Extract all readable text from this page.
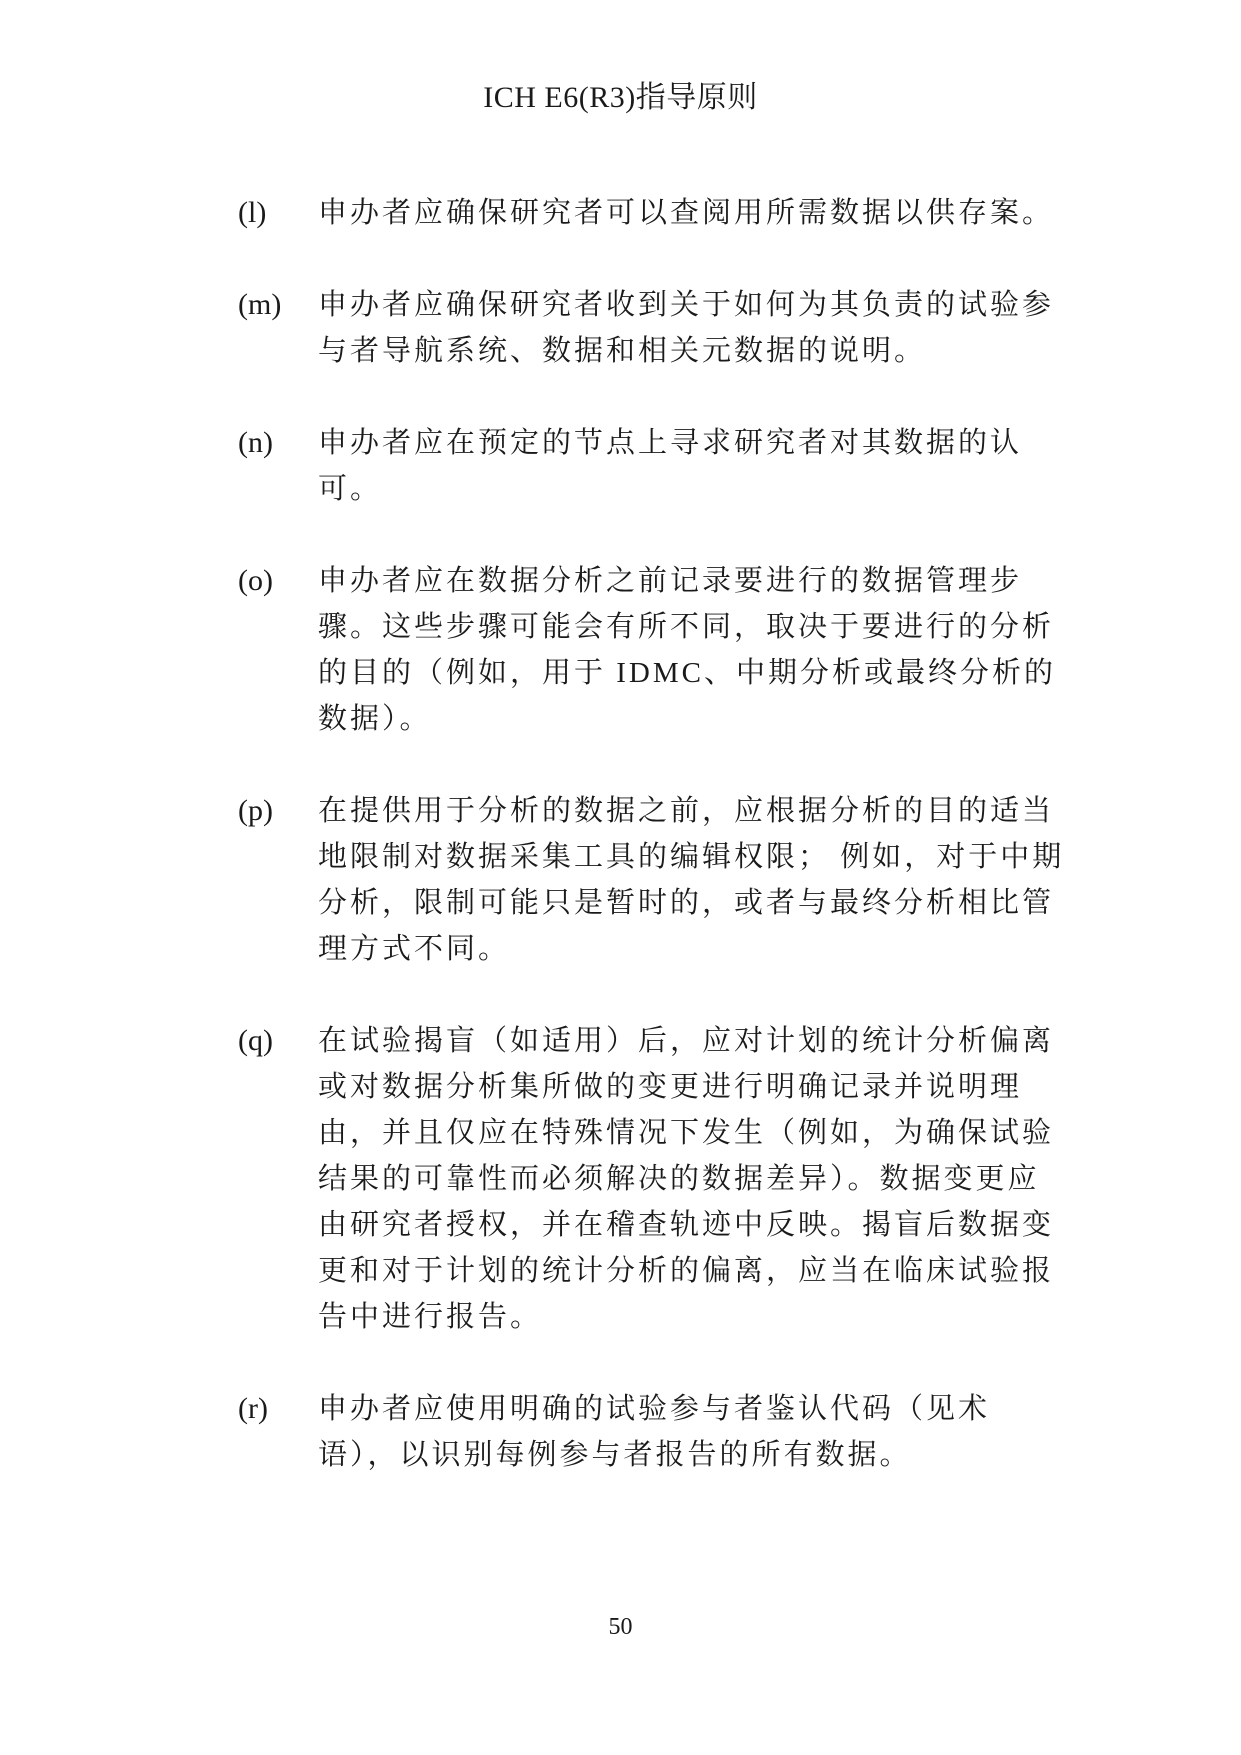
ICH E6(R3)指导原则
(l)	申办者应确保研究者可以查阅用所需数据以供存案。
(m)	申办者应确保研究者收到关于如何为其负责的试验参
与者导航系统、数据和相关元数据的说明。
(n)	申办者应在预定的节点上寻求研究者对其数据的认
可。
(o)	申办者应在数据分析之前记录要进行的数据管理步
骤。这些步骤可能会有所不同，取决于要进行的分析
的目的（例如，用于 IDMC、中期分析或最终分析的
数据）。
(p)	在提供用于分析的数据之前，应根据分析的目的适当
地限制对数据采集工具的编辑权限； 例如，对于中期
分析，限制可能只是暂时的，或者与最终分析相比管
理方式不同。
(q)	在试验揭盲（如适用）后，应对计划的统计分析偏离
或对数据分析集所做的变更进行明确记录并说明理
由，并且仅应在特殊情况下发生（例如，为确保试验
结果的可靠性而必须解决的数据差异）。数据变更应
由研究者授权，并在稽查轨迹中反映。揭盲后数据变
更和对于计划的统计分析的偏离，应当在临床试验报
告中进行报告。
(r)	申办者应使用明确的试验参与者鉴认代码（见术
语），以识别每例参与者报告的所有数据。
50
